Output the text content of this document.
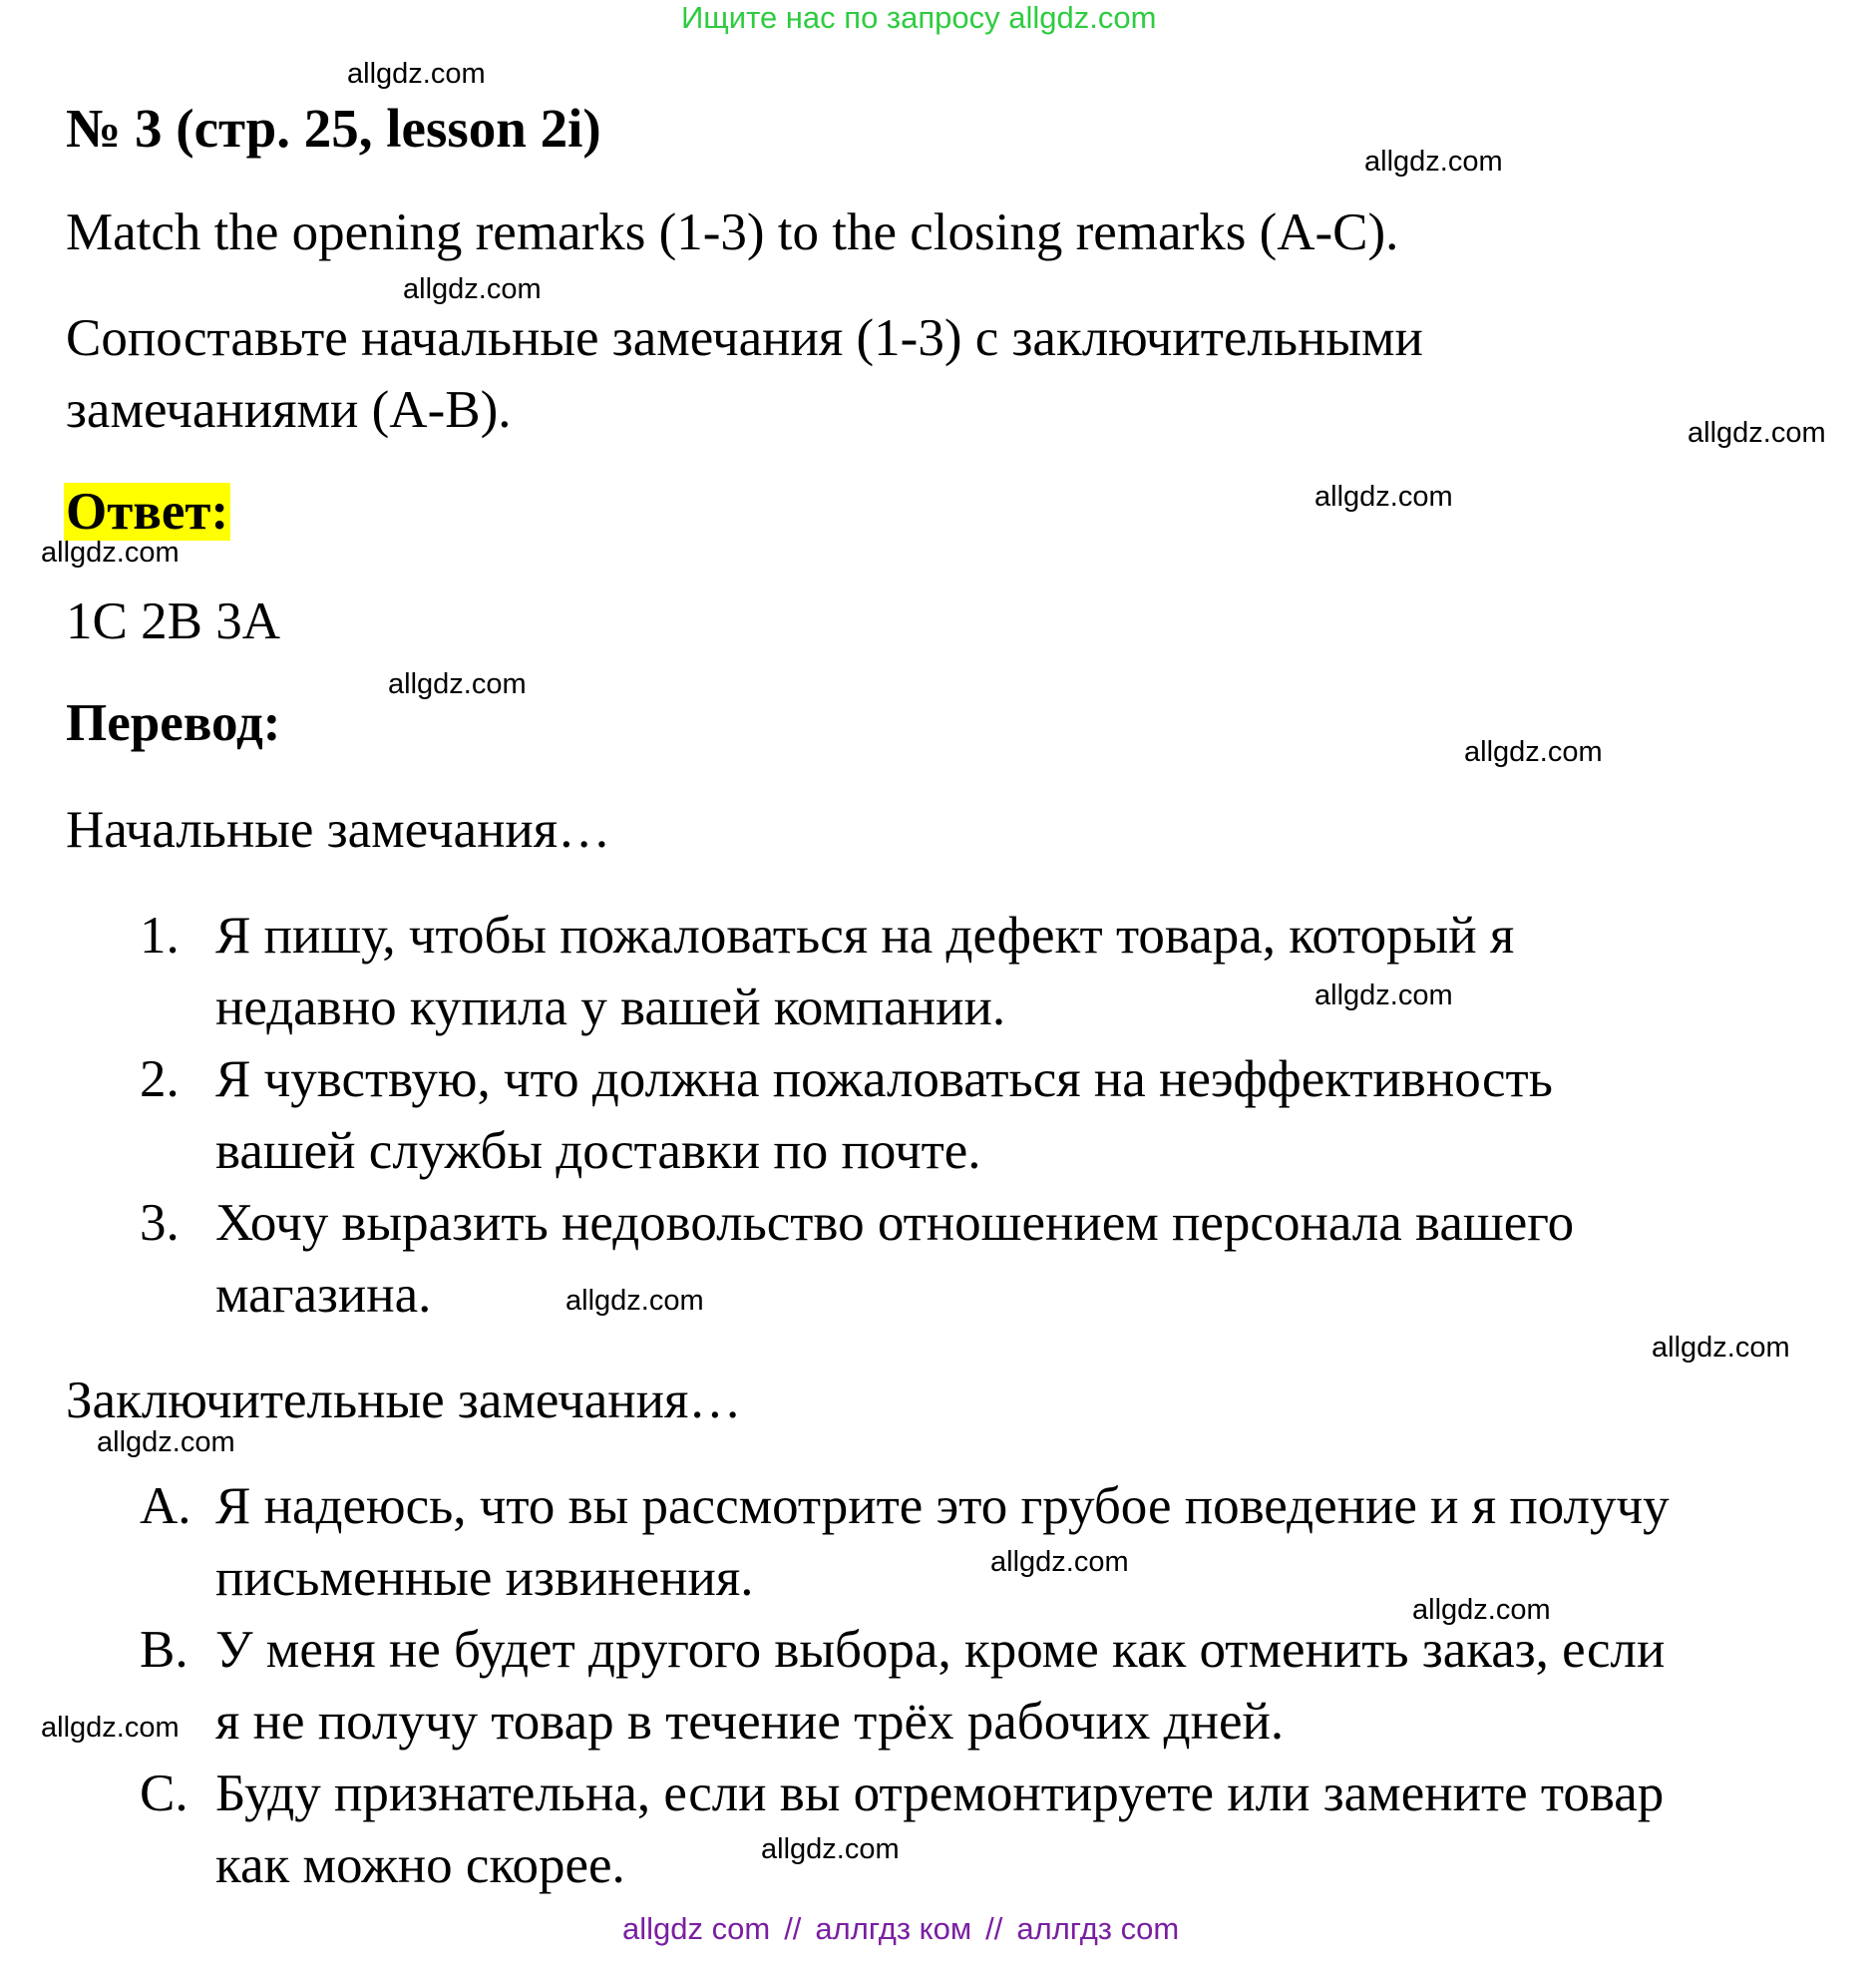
Ищите нас по запросу allgdz.com
№ 3 (стр. 25, lesson 2i)
Match the opening remarks (1-3) to the closing remarks (A-C).
Сопоставьте начальные замечания (1-3) с заключительными
замечаниями (А-В).
Ответ:
1C 2B 3A
Перевод:
Начальные замечания…
1. Я пишу, чтобы пожаловаться на дефект товара, который я
недавно купила у вашей компании.
2. Я чувствую, что должна пожаловаться на неэффективность
вашей службы доставки по почте.
3. Хочу выразить недовольство отношением персонала вашего
магазина.
Заключительные замечания…
A. Я надеюсь, что вы рассмотрите это грубое поведение и я получу
письменные извинения.
B. У меня не будет другого выбора, кроме как отменить заказ, если
я не получу товар в течение трёх рабочих дней.
C. Буду признательна, если вы отремонтируете или замените товар
как можно скорее.
allgdz.com
allgdz.com
allgdz.com
allgdz.com
allgdz.com
allgdz.com
allgdz.com
allgdz.com
allgdz.com
allgdz.com
allgdz.com
allgdz.com
allgdz.com
allgdz.com
allgdz.com
allgdz.com
allgdz com // аллгдз ком // аллгдз com
